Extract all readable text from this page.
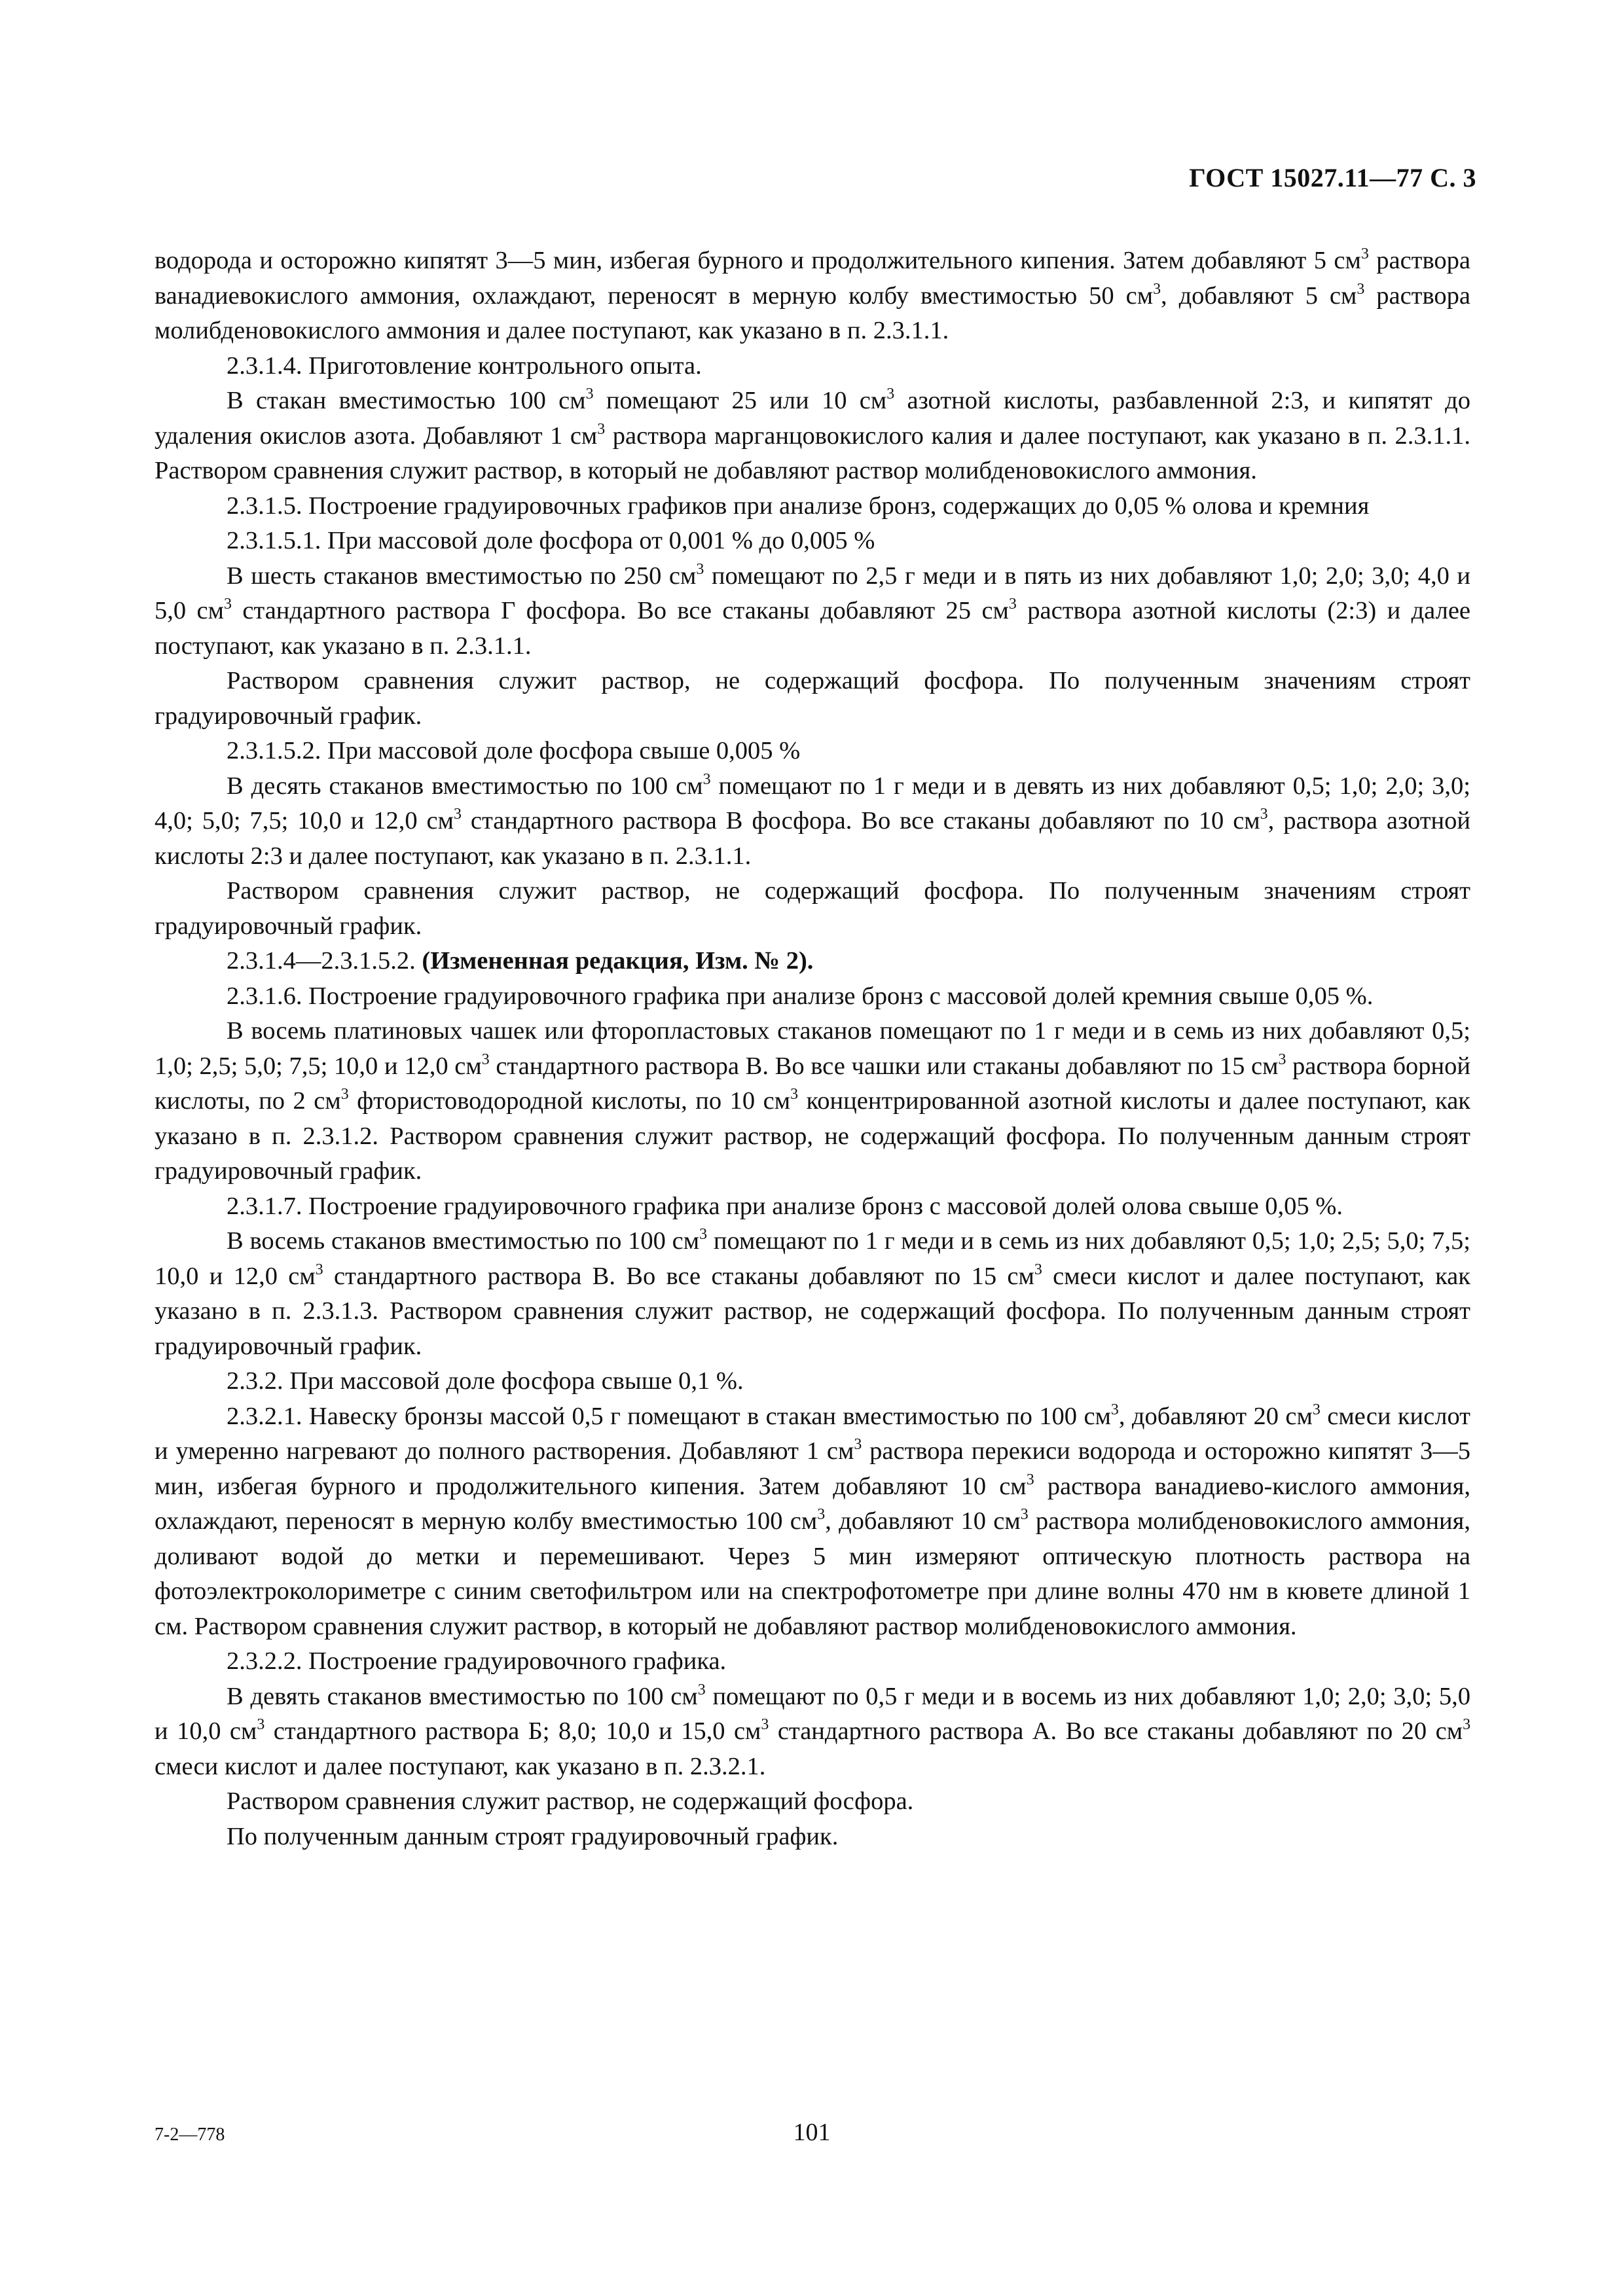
ГОСТ 15027.11—77 С. 3

водорода и осторожно кипятят 3—5 мин, избегая бурного и продолжительного кипения. Затем добавляют 5 $см^3$ раствора ванадиевокислого аммония, охлаждают, переносят в мерную колбу вместимостью 50 $см^3$, добавляют 5 $см^3$ раствора молибденовокислого аммония и далее поступают, как указано в п. 2.3.1.1.

2.3.1.4. Приготовление контрольного опыта.

В стакан вместимостью 100 $см^3$ помещают 25 или 10 $см^3$ азотной кислоты, разбавленной 2:3, и кипятят до удаления окислов азота. Добавляют 1 $см^3$ раствора марганцовокислого калия и далее поступают, как указано в п. 2.3.1.1. Раствором сравнения служит раствор, в который не добавляют раствор молибденовокислого аммония.

2.3.1.5. Построение градуировочных графиков при анализе бронз, содержащих до 0,05 % олова и кремния

2.3.1.5.1. При массовой доле фосфора от 0,001 % до 0,005 %

В шесть стаканов вместимостью по 250 $см^3$ помещают по 2,5 г меди и в пять из них добавляют 1,0; 2,0; 3,0; 4,0 и 5,0 $см^3$ стандартного раствора Г фосфора. Во все стаканы добавляют 25 $см^3$ раствора азотной кислоты (2:3) и далее поступают, как указано в п. 2.3.1.1.

Раствором сравнения служит раствор, не содержащий фосфора. По полученным значениям строят градуировочный график.

2.3.1.5.2. При массовой доле фосфора свыше 0,005 %

В десять стаканов вместимостью по 100 $см^3$ помещают по 1 г меди и в девять из них добавляют 0,5; 1,0; 2,0; 3,0; 4,0; 5,0; 7,5; 10,0 и 12,0 $см^3$ стандартного раствора В фосфора. Во все стаканы добавляют по 10 $см^3$, раствора азотной кислоты 2:3 и далее поступают, как указано в п. 2.3.1.1.

Раствором сравнения служит раствор, не содержащий фосфора. По полученным значениям строят градуировочный график.

2.3.1.4—2.3.1.5.2. (Измененная редакция, Изм. № 2).

2.3.1.6. Построение градуировочного графика при анализе бронз с массовой долей кремния свыше 0,05 %.

В восемь платиновых чашек или фторопластовых стаканов помещают по 1 г меди и в семь из них добавляют 0,5; 1,0; 2,5; 5,0; 7,5; 10,0 и 12,0 $см^3$ стандартного раствора В. Во все чашки или стаканы добавляют по 15 $см^3$ раствора борной кислоты, по 2 $см^3$ фтористоводородной кислоты, по 10 $см^3$ концентрированной азотной кислоты и далее поступают, как указано в п. 2.3.1.2. Раствором сравнения служит раствор, не содержащий фосфора. По полученным данным строят градуировочный график.

2.3.1.7. Построение градуировочного графика при анализе бронз с массовой долей олова свыше 0,05 %.

В восемь стаканов вместимостью по 100 $см^3$ помещают по 1 г меди и в семь из них добавляют 0,5; 1,0; 2,5; 5,0; 7,5; 10,0 и 12,0 $см^3$ стандартного раствора В. Во все стаканы добавляют по 15 $см^3$ смеси кислот и далее поступают, как указано в п. 2.3.1.3. Раствором сравнения служит раствор, не содержащий фосфора. По полученным данным строят градуировочный график.

2.3.2. При массовой доле фосфора свыше 0,1 %.

2.3.2.1. Навеску бронзы массой 0,5 г помещают в стакан вместимостью по 100 $см^3$, добавляют 20 $см^3$ смеси кислот и умеренно нагревают до полного растворения. Добавляют 1 $см^3$ раствора перекиси водорода и осторожно кипятят 3—5 мин, избегая бурного и продолжительного кипения. Затем добавляют 10 $см^3$ раствора ванадиево-кислого аммония, охлаждают, переносят в мерную колбу вместимостью 100 $см^3$, добавляют 10 $см^3$ раствора молибденовокислого аммония, доливают водой до метки и перемешивают. Через 5 мин измеряют оптическую плотность раствора на фотоэлектроколориметре с синим светофильтром или на спектрофотометре при длине волны 470 нм в кювете длиной 1 см. Раствором сравнения служит раствор, в который не добавляют раствор молибденовокислого аммония.

2.3.2.2. Построение градуировочного графика.

В девять стаканов вместимостью по 100 $см^3$ помещают по 0,5 г меди и в восемь из них добавляют 1,0; 2,0; 3,0; 5,0 и 10,0 $см^3$ стандартного раствора Б; 8,0; 10,0 и 15,0 $см^3$ стандартного раствора А. Во все стаканы добавляют по 20 $см^3$ смеси кислот и далее поступают, как указано в п. 2.3.2.1.

Раствором сравнения служит раствор, не содержащий фосфора.

По полученным данным строят градуировочный график.

7-2—778	101
